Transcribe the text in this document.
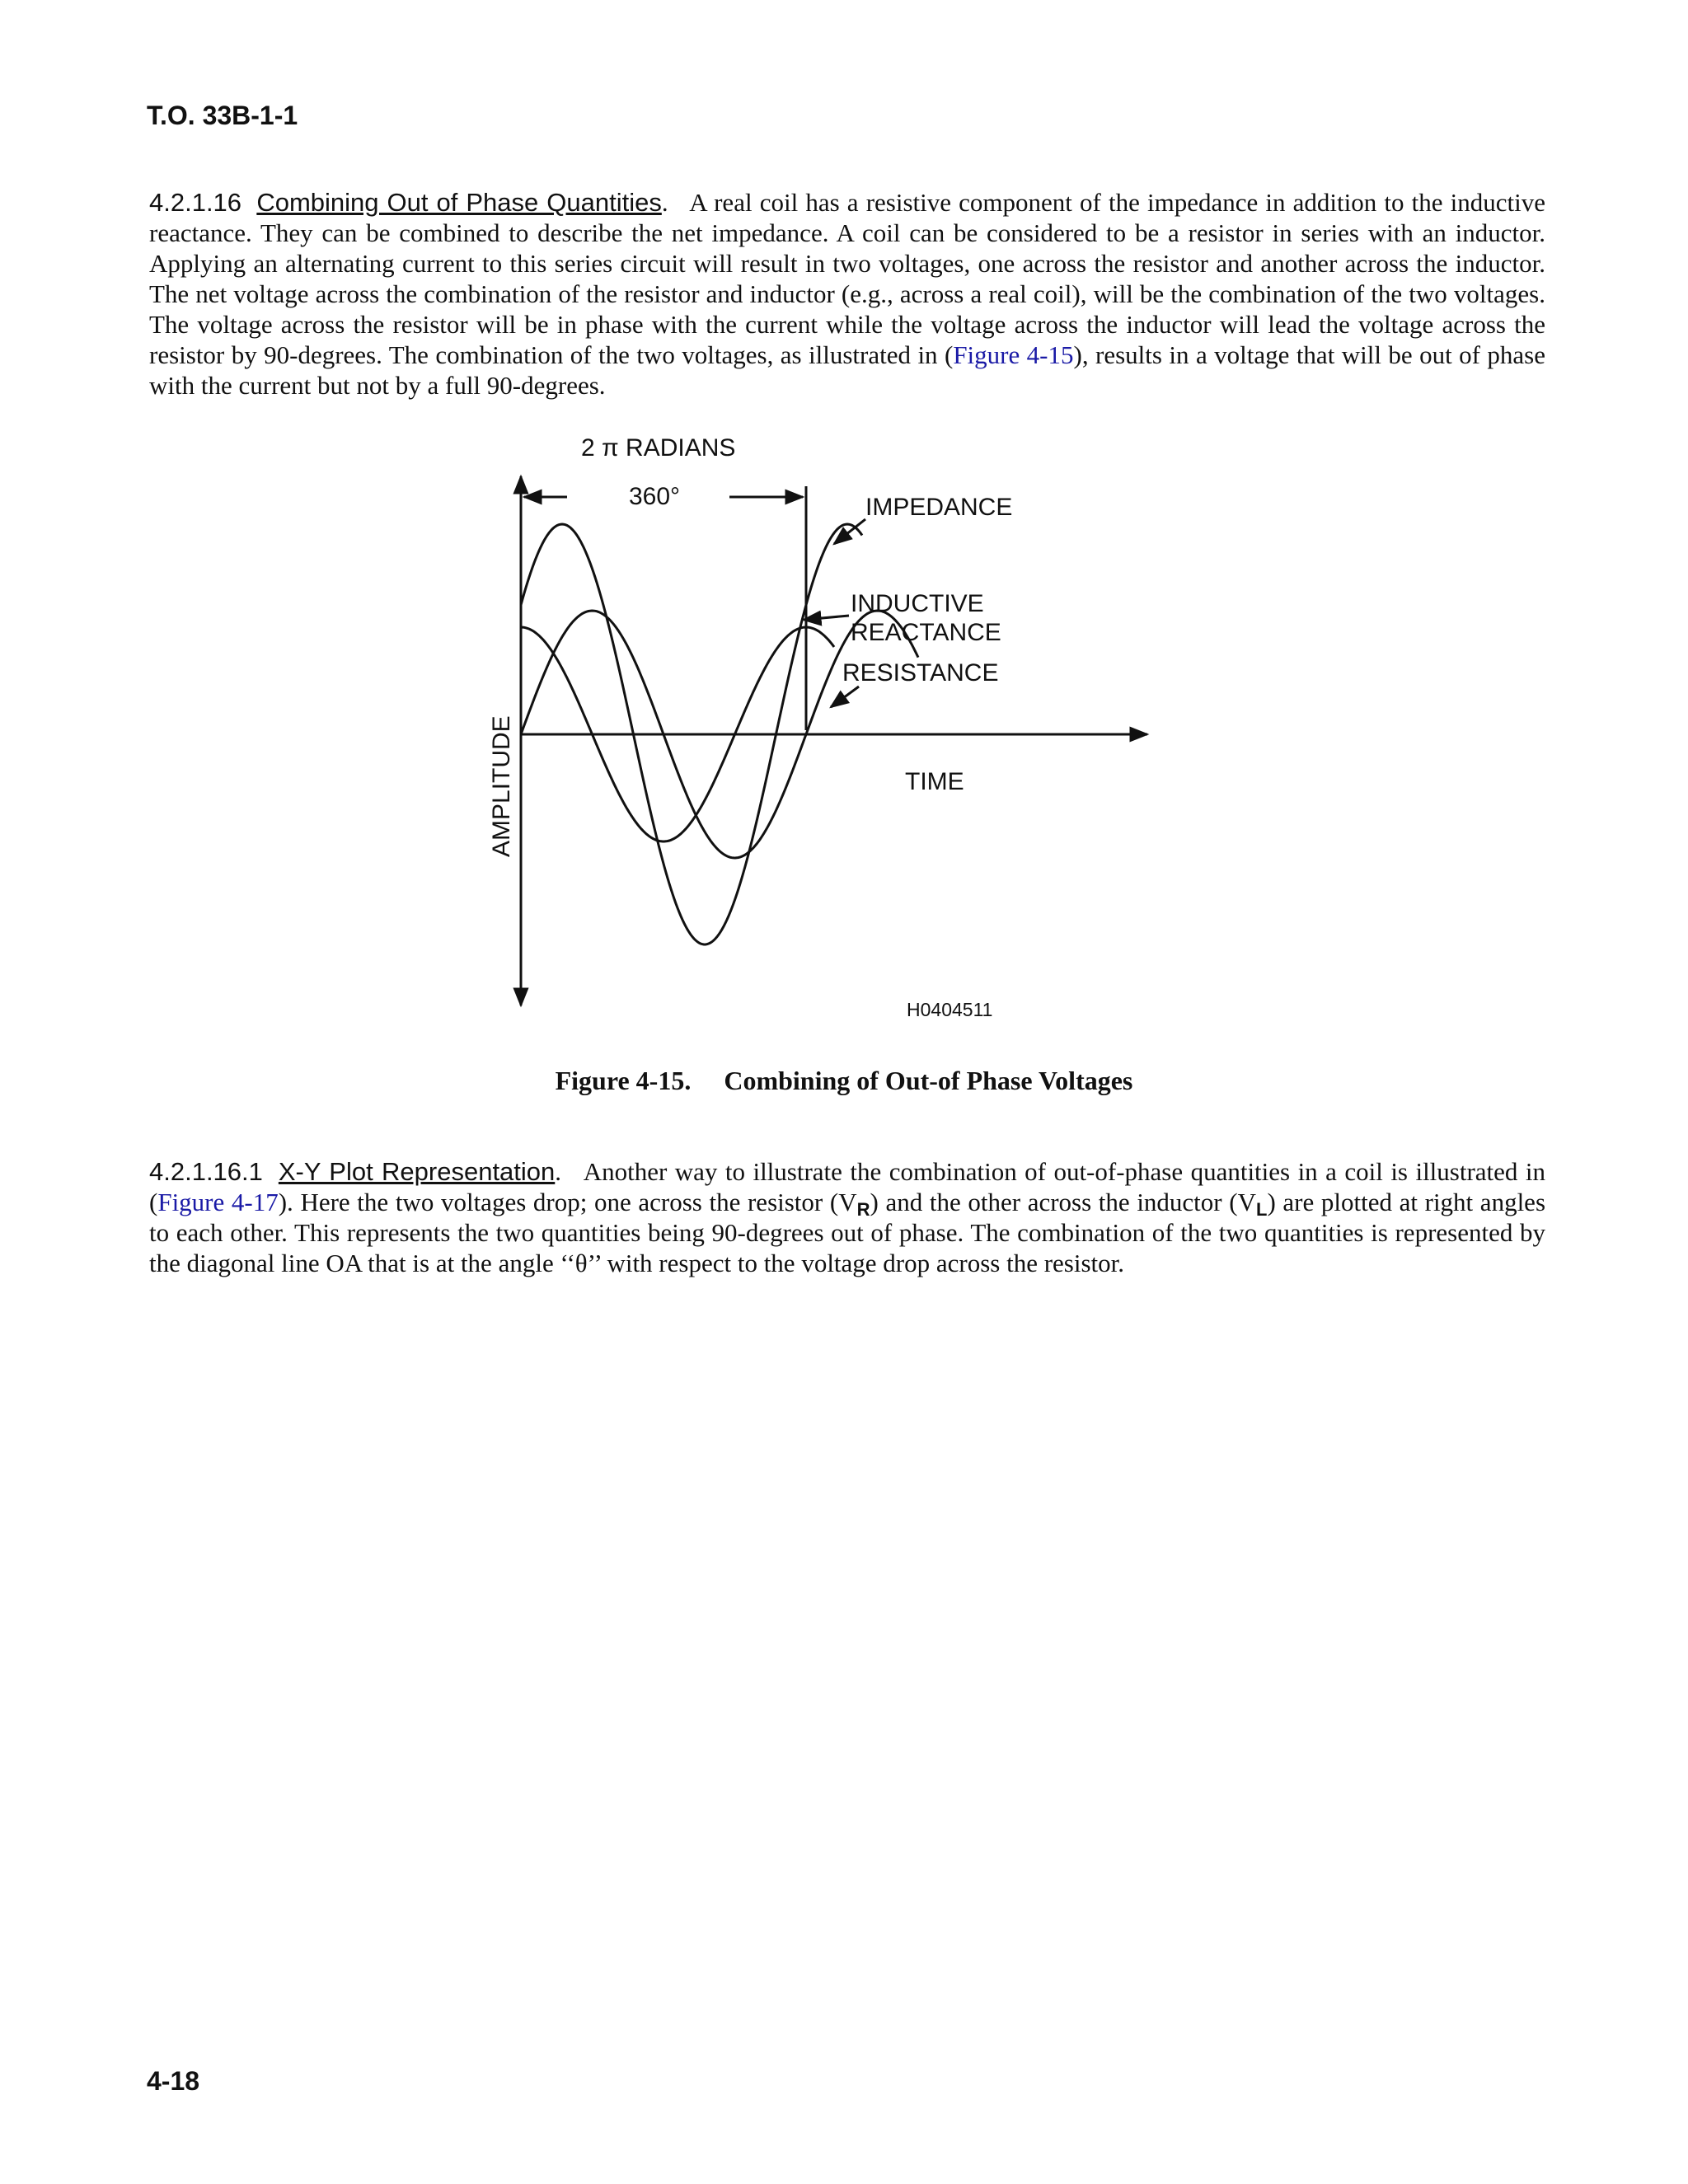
T.O. 33B-1-1
4.2.1.16 Combining Out of Phase Quantities.   A real coil has a resistive component of the impedance in addition to the inductive reactance. They can be combined to describe the net impedance. A coil can be considered to be a resistor in series with an inductor. Applying an alternating current to this series circuit will result in two voltages, one across the resistor and another across the inductor. The net voltage across the combination of the resistor and inductor (e.g., across a real coil), will be the combination of the two voltages. The voltage across the resistor will be in phase with the current while the voltage across the inductor will lead the voltage across the resistor by 90-degrees. The combination of the two voltages, as illustrated in (Figure 4-15), results in a voltage that will be out of phase with the current but not by a full 90-degrees.
2 π RADIANS
360°	IMPEDANCE
INDUCTIVE
REACTANCE
RESISTANCE
TIME
AMPLITUDE
H0404511
Figure 4-15. Combining of Out-of Phase Voltages
4.2.1.16.1 X-Y Plot Representation.   Another way to illustrate the combination of out-of-phase quantities in a coil is illustrated in (Figure 4-17). Here the two voltages drop; one across the resistor $(V_R)$ and the other across the inductor $(V_L)$ are plotted at right angles to each other. This represents the two quantities being 90-degrees out of phase. The combination of the two quantities is represented by the diagonal line OA that is at the angle ‘‘θ’’ with respect to the voltage drop across the resistor.
4-18
